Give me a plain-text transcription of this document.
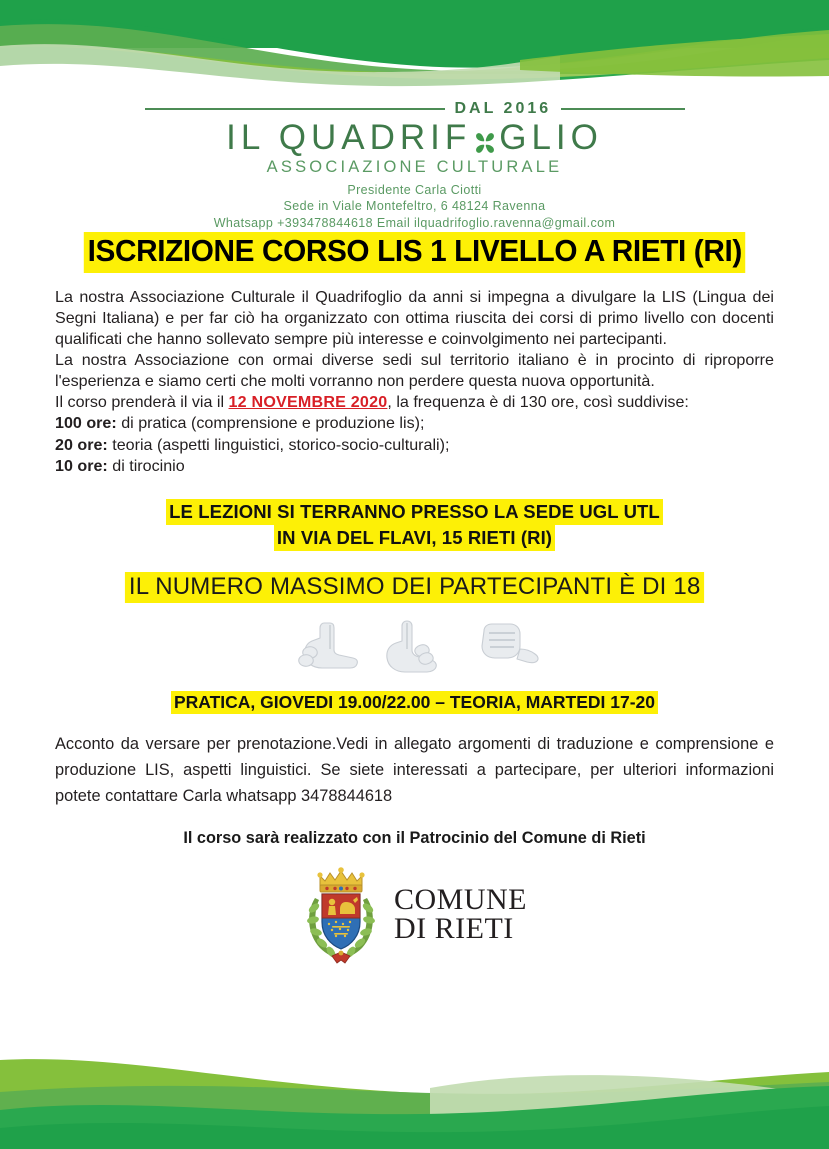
DAL 2016
IL QUADRIF GLIO
ASSOCIAZIONE CULTURALE
Presidente Carla Ciotti
Sede in Viale Montefeltro, 6 48124 Ravenna
Whatsapp +393478844618 Email ilquadrifoglio.ravenna@gmail.com
ISCRIZIONE CORSO LIS 1 LIVELLO A RIETI (RI)
La nostra Associazione Culturale il Quadrifoglio da anni si impegna a divulgare la LIS (Lingua dei Segni Italiana) e per far ciò ha organizzato con ottima riuscita dei corsi di primo livello con docenti qualificati che hanno sollevato sempre più interesse e coinvolgimento nei partecipanti.
La nostra Associazione con ormai diverse sedi sul territorio italiano è in procinto di riproporre l'esperienza e siamo certi che molti vorranno non perdere questa nuova opportunità.
Il corso prenderà il via il 12 NOVEMBRE 2020, la frequenza è di 130 ore, così suddivise:
100 ore: di pratica (comprensione e produzione lis);
20 ore: teoria (aspetti linguistici, storico-socio-culturali);
10 ore: di tirocinio
LE LEZIONI SI TERRANNO PRESSO LA SEDE UGL UTL
IN VIA DEL FLAVI, 15 RIETI (RI)
IL NUMERO MASSIMO DEI PARTECIPANTI È DI 18
PRATICA, GIOVEDI 19.00/22.00 – TEORIA, MARTEDI 17-20
Acconto da versare per prenotazione.Vedi in allegato argomenti di traduzione e comprensione e produzione LIS, aspetti linguistici. Se siete interessati a partecipare, per ulteriori informazioni potete contattare Carla whatsapp 3478844618
Il corso sarà realizzato con il Patrocinio del Comune di Rieti
COMUNE
DI RIETI
